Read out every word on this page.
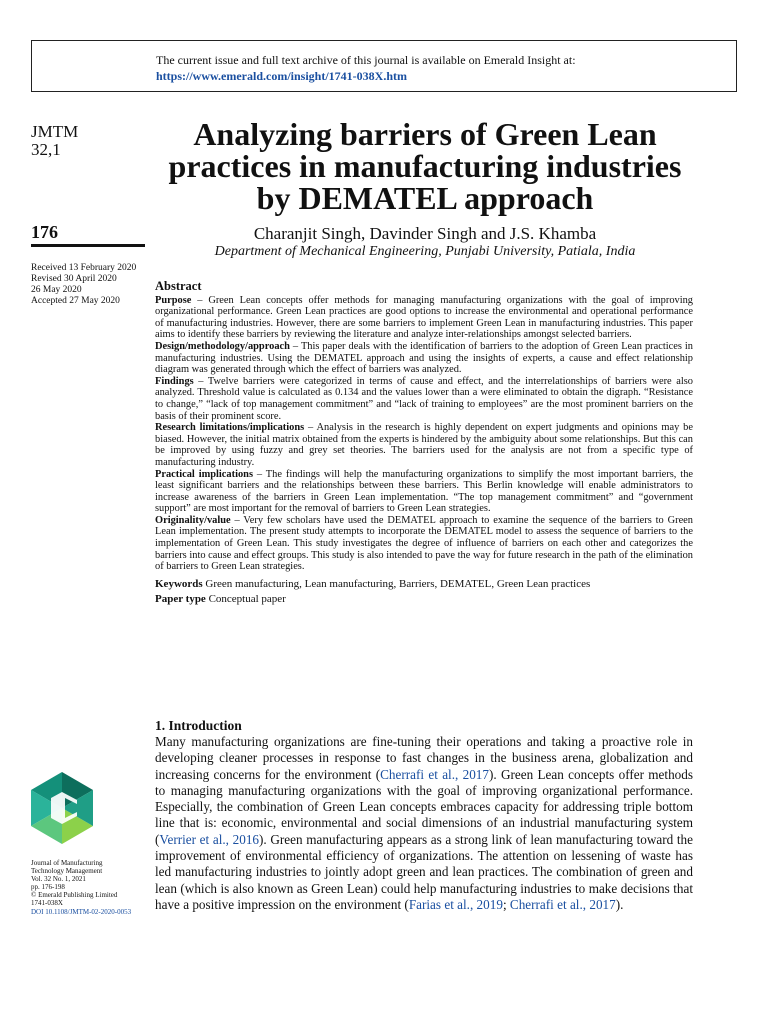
The current issue and full text archive of this journal is available on Emerald Insight at:
https://www.emerald.com/insight/1741-038X.htm
JMTM
32,1
176
Received 13 February 2020
Revised 30 April 2020
26 May 2020
Accepted 27 May 2020
Analyzing barriers of Green Lean practices in manufacturing industries by DEMATEL approach
Charanjit Singh, Davinder Singh and J.S. Khamba
Department of Mechanical Engineering, Punjabi University, Patiala, India
Abstract

Purpose – Green Lean concepts offer methods for managing manufacturing organizations with the goal of improving organizational performance. Green Lean practices are good options to increase the environmental and operational performance of manufacturing industries. However, there are some barriers to implement Green Lean in manufacturing industries. This paper aims to identify these barriers by reviewing the literature and analyze inter-relationships amongst selected barriers.

Design/methodology/approach – This paper deals with the identification of barriers to the adoption of Green Lean practices in manufacturing industries. Using the DEMATEL approach and using the insights of experts, a cause and effect relationship diagram was generated through which the effect of barriers was analyzed.

Findings – Twelve barriers were categorized in terms of cause and effect, and the interrelationships of barriers were also analyzed. Threshold value is calculated as 0.134 and the values lower than a were eliminated to obtain the digraph. “Resistance to change,” “lack of top management commitment” and “lack of training to employees” are the most prominent barriers on the basis of their prominent score.

Research limitations/implications – Analysis in the research is highly dependent on expert judgments and opinions may be biased. However, the initial matrix obtained from the experts is hindered by the ambiguity about some relationships. But this can be improved by using fuzzy and grey set theories. The barriers used for the analysis are not from a specific type of manufacturing industry.

Practical implications – The findings will help the manufacturing organizations to simplify the most important barriers, the least significant barriers and the relationships between these barriers. This Berlin knowledge will enable administrators to increase awareness of the barriers in Green Lean implementation. “The top management commitment” and “government support” are most important for the removal of barriers to Green Lean strategies.

Originality/value – Very few scholars have used the DEMATEL approach to examine the sequence of the barriers to Green Lean implementation. The present study attempts to incorporate the DEMATEL model to assess the sequence of barriers to the implementation of Green Lean. This study investigates the degree of influence of barriers on each other and categorizes the barriers into cause and effect groups. This study is also intended to pave the way for future research in the path of the elimination of barriers to Green Lean strategies.

Keywords Green manufacturing, Lean manufacturing, Barriers, DEMATEL, Green Lean practices

Paper type Conceptual paper

1. Introduction

Many manufacturing organizations are fine-tuning their operations and taking a proactive role in developing cleaner processes in response to fast changes in the business arena, globalization and increasing concerns for the environment (Cherrafi et al., 2017). Green Lean concepts offer methods to managing manufacturing organizations with the goal of improving organizational performance. Especially, the combination of Green Lean concepts embraces capacity for addressing triple bottom line that is: economic, environmental and social dimensions of an industrial manufacturing system (Verrier et al., 2016). Green manufacturing appears as a strong link of lean manufacturing toward the improvement of environmental efficiency of organizations. The attention on lessening of waste has led manufacturing industries to jointly adopt green and lean practices. The combination of green and lean (which is also known as Green Lean) could help manufacturing industries to make decisions that have a positive impression on the environment (Farias et al., 2019; Cherrafi et al., 2017).

Journal of Manufacturing
Technology Management
Vol. 32 No. 1, 2021
pp. 176-198
© Emerald Publishing Limited
1741-038X
DOI 10.1108/JMTM-02-2020-0053
